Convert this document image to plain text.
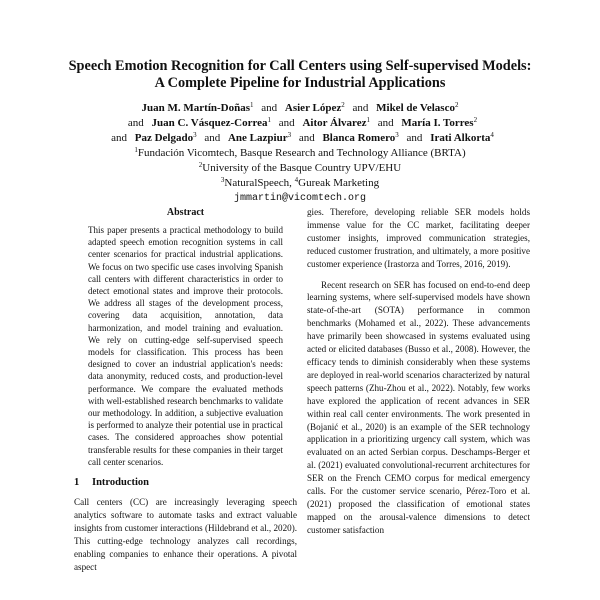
Speech Emotion Recognition for Call Centers using Self-supervised Models:
A Complete Pipeline for Industrial Applications
Juan M. Martín-Doñas$^1$ and Asier López$^2$ and Mikel de Velasco$^2$
and Juan C. Vásquez-Correa$^1$ and Aitor Álvarez$^1$ and María I. Torres$^2$
and Paz Delgado$^3$ and Ane Lazpiur$^3$ and Blanca Romero$^3$ and Irati Alkorta$^4$
$^1$Fundación Vicomtech, Basque Research and Technology Alliance (BRTA)
$^2$University of the Basque Country UPV/EHU
$^3$NaturalSpeech, $^4$Gureak Marketing
jmmartin@vicomtech.org
Abstract

This paper presents a practical methodology to build adapted speech emotion recognition systems in call center scenarios for practical industrial applications. We focus on two specific use cases involving Spanish call centers with different characteristics in order to detect emotional states and improve their protocols. We address all stages of the development process, covering data acquisition, annotation, data harmonization, and model training and evaluation. We rely on cutting-edge self-supervised speech models for classification. This process has been designed to cover an industrial application's needs: data anonymity, reduced costs, and production-level performance. We compare the evaluated methods with well-established research benchmarks to validate our methodology. In addition, a subjective evaluation is performed to analyze their potential use in practical cases. The considered approaches show potential transferable results for these companies in their target call center scenarios.

1 Introduction

Call centers (CC) are increasingly leveraging speech analytics software to automate tasks and extract valuable insights from customer interactions (Hildebrand et al., 2020). This cutting-edge technology analyzes call recordings, enabling companies to enhance their operations. A pivotal aspect

gies. Therefore, developing reliable SER models holds immense value for the CC market, facilitating deeper customer insights, improved communication strategies, reduced customer frustration, and ultimately, a more positive customer experience (Irastorza and Torres, 2016, 2019).

Recent research on SER has focused on end-to-end deep learning systems, where self-supervised models have shown state-of-the-art (SOTA) performance in common benchmarks (Mohamed et al., 2022). These advancements have primarily been showcased in systems evaluated using acted or elicited databases (Busso et al., 2008). However, the efficacy tends to diminish considerably when these systems are deployed in real-world scenarios characterized by natural speech patterns (Zhu-Zhou et al., 2022). Notably, few works have explored the application of recent advances in SER within real call center environments. The work presented in (Bojanić et al., 2020) is an example of the SER technology application in a prioritizing urgency call system, which was evaluated on an acted Serbian corpus. Deschamps-Berger et al. (2021) evaluated convolutional-recurrent architectures for SER on the French CEMO corpus for medical emergency calls. For the customer service scenario, Pérez-Toro et al. (2021) proposed the classification of emotional states mapped on the arousal-valence dimensions to detect customer satisfaction
